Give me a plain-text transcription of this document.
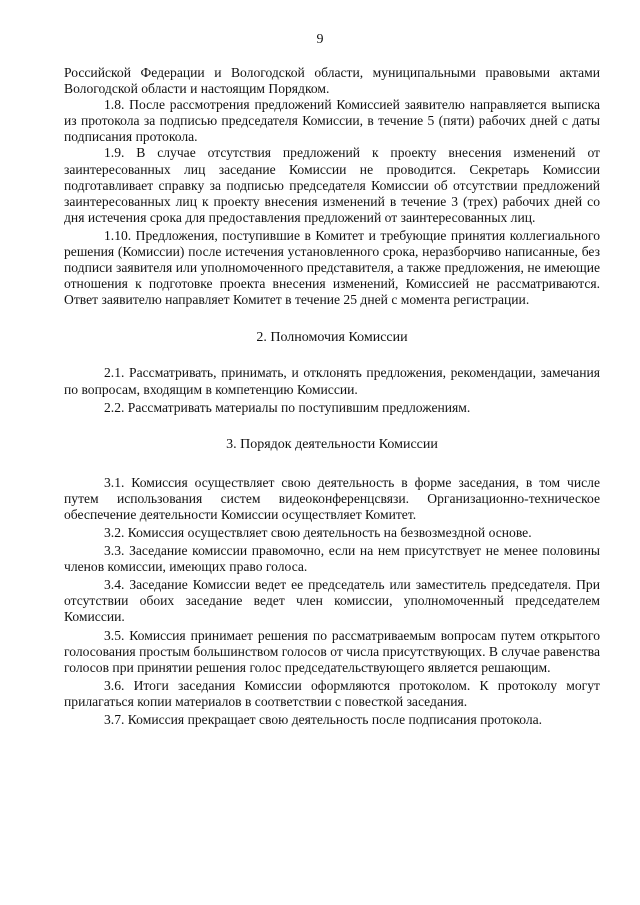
9

Российской Федерации и Вологодской области, муниципальными правовыми актами Вологодской области и настоящим Порядком.

1.8. После рассмотрения предложений Комиссией заявителю направляется выписка из протокола за подписью председателя Комиссии, в течение 5 (пяти) рабочих дней с даты подписания протокола.

1.9. В случае отсутствия предложений к проекту внесения изменений от заинтересованных лиц заседание Комиссии не проводится. Секретарь Комиссии подготавливает справку за подписью председателя Комиссии об отсутствии предложений заинтересованных лиц к проекту внесения изменений в течение 3 (трех) рабочих дней со дня истечения срока для предоставления предложений от заинтересованных лиц.

1.10. Предложения, поступившие в Комитет и требующие принятия коллегиального решения (Комиссии) после истечения установленного срока, неразборчиво написанные, без подписи заявителя или уполномоченного представителя, а также предложения, не имеющие отношения к подготовке проекта внесения изменений, Комиссией не рассматриваются. Ответ заявителю направляет Комитет в течение 25 дней с момента регистрации.

2. Полномочия Комиссии

2.1. Рассматривать, принимать, и отклонять предложения, рекомендации, замечания по вопросам, входящим в компетенцию Комиссии.

2.2. Рассматривать материалы по поступившим предложениям.

3. Порядок деятельности Комиссии

3.1. Комиссия осуществляет свою деятельность в форме заседания, в том числе путем использования систем видеоконференцсвязи. Организационно-техническое обеспечение деятельности Комиссии осуществляет Комитет.

3.2. Комиссия осуществляет свою деятельность на безвозмездной основе.

3.3. Заседание комиссии правомочно, если на нем присутствует не менее половины членов комиссии, имеющих право голоса.

3.4. Заседание Комиссии ведет ее председатель или заместитель председателя. При отсутствии обоих заседание ведет член комиссии, уполномоченный председателем Комиссии.

3.5. Комиссия принимает решения по рассматриваемым вопросам путем открытого голосования простым большинством голосов от числа присутствующих. В случае равенства голосов при принятии решения голос председательствующего является решающим.

3.6. Итоги заседания Комиссии оформляются протоколом. К протоколу могут прилагаться копии материалов в соответствии с повесткой заседания.

3.7. Комиссия прекращает свою деятельность после подписания протокола.
